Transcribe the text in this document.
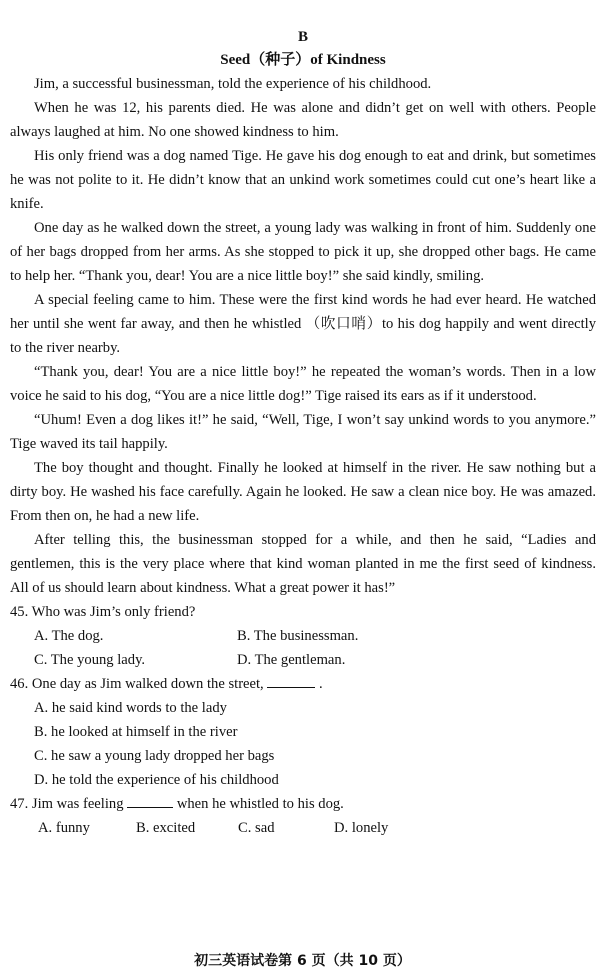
B
Seed（种子）of Kindness

Jim, a successful businessman, told the experience of his childhood.

When he was 12, his parents died. He was alone and didn’t get on well with others. People always laughed at him. No one showed kindness to him.

His only friend was a dog named Tige. He gave his dog enough to eat and drink, but sometimes he was not polite to it. He didn’t know that an unkind work sometimes could cut one’s heart like a knife.

One day as he walked down the street, a young lady was walking in front of him. Suddenly one of her bags dropped from her arms. As she stopped to pick it up, she dropped other bags. He came to help her. “Thank you, dear! You are a nice little boy!” she said kindly, smiling.

A special feeling came to him. These were the first kind words he had ever heard. He watched her until she went far away, and then he whistled （吹口哨）to his dog happily and went directly to the river nearby.

“Thank you, dear! You are a nice little boy!” he repeated the woman’s words. Then in a low voice he said to his dog, “You are a nice little dog!” Tige raised its ears as if it understood.

“Uhum! Even a dog likes it!” he said, “Well, Tige, I won’t say unkind words to you anymore.” Tige waved its tail happily.

The boy thought and thought. Finally he looked at himself in the river. He saw nothing but a dirty boy. He washed his face carefully. Again he looked. He saw a clean nice boy. He was amazed. From then on, he had a new life.

After telling this, the businessman stopped for a while, and then he said, “Ladies and gentlemen, this is the very place where that kind woman planted in me the first seed of kindness. All of us should learn about kindness. What a great power it has!”

45. Who was Jim’s only friend?
A. The dog.	B. The businessman.
C. The young lady.	D. The gentleman.
46. One day as Jim walked down the street,	.
A. he said kind words to the lady
B. he looked at himself in the river
C. he saw a young lady dropped her bags
D. he told the experience of his childhood
47. Jim was feeling	when he whistled to his dog.
A. funny	B. excited	C. sad	D. lonely
初三英语试卷第 6 页（共 10 页）
